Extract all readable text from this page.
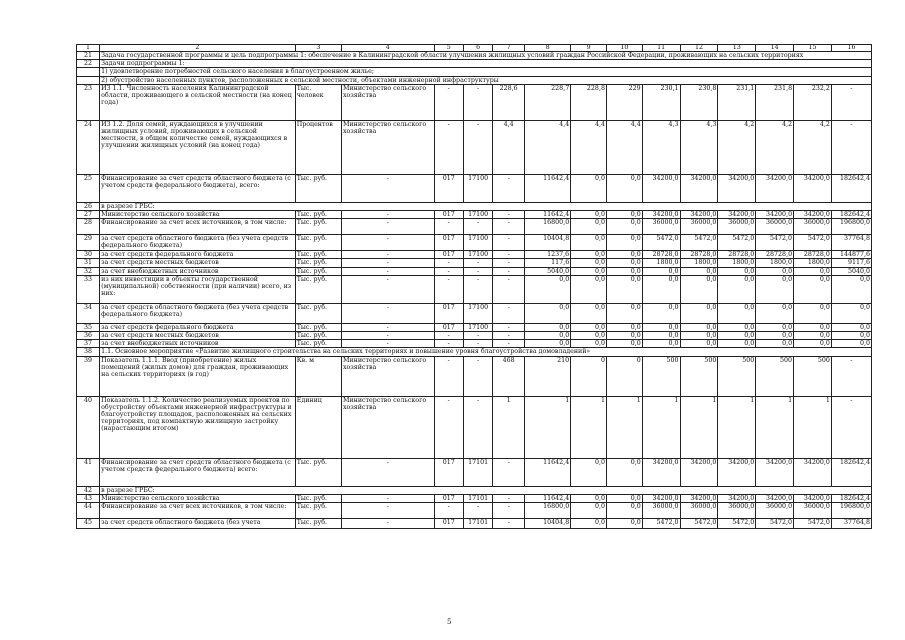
1	2	3	4	5	6	7	8	9	10	11	12	13	14	15	16
21	Задача государственной программы и цель подпрограммы 1: обеспечение в Калининградской области улучшения жилищных условий граждан Российской Федерации, проживающих на сельских территориях														
22	Задачи подпрограммы 1:														
	1) удовлетворение потребностей сельского населения в благоустроенном жилье;														
	2) обустройство населенных пунктов, расположенных в сельской местности, объектами инженерной инфраструктуры														
23	ИЗ 1.1. Численность населения Калининградской области, проживающего в сельской местности (на конец года)	Тыс. человек	Министерство сельского хозяйства	-	-	228,6	228,7	228,8	229	230,1	230,8	231,1	231,8	232,2	-
24	ИЗ 1.2. Доля семей, нуждающихся в улучшении жилищных условий, проживающих в сельской местности, в общем количестве семей, нуждающихся в улучшении жилищных условий (на конец года)	Процентов	Министерство сельского хозяйства	-	-	4,4	4,4	4,4	4,4	4,3	4,3	4,2	4,2	4,2	-
25	Финансирование за счет средств областного бюджета (с учетом средств федерального бюджета), всего:	Тыс. руб.	-	017	17100	-	11642,4	0,0	0,0	34200,0	34200,0	34200,0	34200,0	34200,0	182642,4
26	в разрезе ГРБС:														
27	Министерство сельского хозяйства	Тыс. руб.	-	017	17100	-	11642,4	0,0	0,0	34200,0	34200,0	34200,0	34200,0	34200,0	182642,4
28	Финансирование за счет всех источников, в том числе:	Тыс. руб.	-	-	-	-	16800,0	0,0	0,0	36000,0	36000,0	36000,0	36000,0	36000,0	196800,0
29	за счет средств областного бюджета (без учета средств федерального бюджета)	Тыс. руб.	-	017	17100	-	10404,8	0,0	0,0	5472,0	5472,0	5472,0	5472,0	5472,0	37764,8
30	за счет средств федерального бюджета	Тыс. руб.	-	017	17100	-	1237,6	0,0	0,0	28728,0	28728,0	28728,0	28728,0	28728,0	144877,6
31	за счет средств местных бюджетов	Тыс. руб.	-	-	-	-	117,6	0,0	0,0	1800,0	1800,0	1800,0	1800,0	1800,0	9117,6
32	за счет внебюджетных источников	Тыс. руб.	-	-	-	-	5040,0	0,0	0,0	0,0	0,0	0,0	0,0	0,0	5040,0
33	из них инвестиции в объекты государственной (муниципальной) собственности (при наличии) всего, из них:	Тыс. руб.	-	-	-	-	0,0	0,0	0,0	0,0	0,0	0,0	0,0	0,0	0,0
34	за счет средств областного бюджета (без учета средств федерального бюджета)	Тыс. руб.	-	017	17100	-	0,0	0,0	0,0	0,0	0,0	0,0	0,0	0,0	0,0
35	за счет средств федерального бюджета	Тыс. руб.	-	017	17100	-	0,0	0,0	0,0	0,0	0,0	0,0	0,0	0,0	0,0
36	за счет средств местных бюджетов	Тыс. руб.	-	-	-	-	0,0	0,0	0,0	0,0	0,0	0,0	0,0	0,0	0,0
37	за счет внебюджетных источников	Тыс. руб.	-	-	-	-	0,0	0,0	0,0	0,0	0,0	0,0	0,0	0,0	0,0
38	1.1. Основное мероприятие «Развитие жилищного строительства на сельских территориях и повышение уровня благоустройства домовладений»														
39	Показатель 1.1.1. Ввод (приобретение) жилых помещений (жилых домов) для граждан, проживающих на сельских территориях (в год)	Кв. м	Министерство сельского хозяйства	-	-	468	210	0	0	500	500	500	500	500	-
40	Показатель 1.1.2. Количество реализуемых проектов по обустройству объектами инженерной инфраструктуры и благоустройству площадок, расположенных на сельских территориях, под компактную жилищную застройку (нарастающим итогом)	Единиц	Министерство сельского хозяйства	-	-	1	1	1	1	1	1	1	1	1	-
41	Финансирование за счет средств областного бюджета (с учетом средств федерального бюджета) всего:	Тыс. руб.	-	017	17101	-	11642,4	0,0	0,0	34200,0	34200,0	34200,0	34200,0	34200,0	182642,4
42	в разрезе ГРБС:														
43	Министерство сельского хозяйства	Тыс. руб.	-	017	17101	-	11642,4	0,0	0,0	34200,0	34200,0	34200,0	34200,0	34200,0	182642,4
44	Финансирование за счет всех источников, в том числе:	Тыс. руб.	-	-	-	-	16800,0	0,0	0,0	36000,0	36000,0	36000,0	36000,0	36000,0	196800,0
45	за счет средств областного бюджета (без учета	Тыс. руб.	-	017	17101	-	10404,8	0,0	0,0	5472,0	5472,0	5472,0	5472,0	5472,0	37764,8
5
